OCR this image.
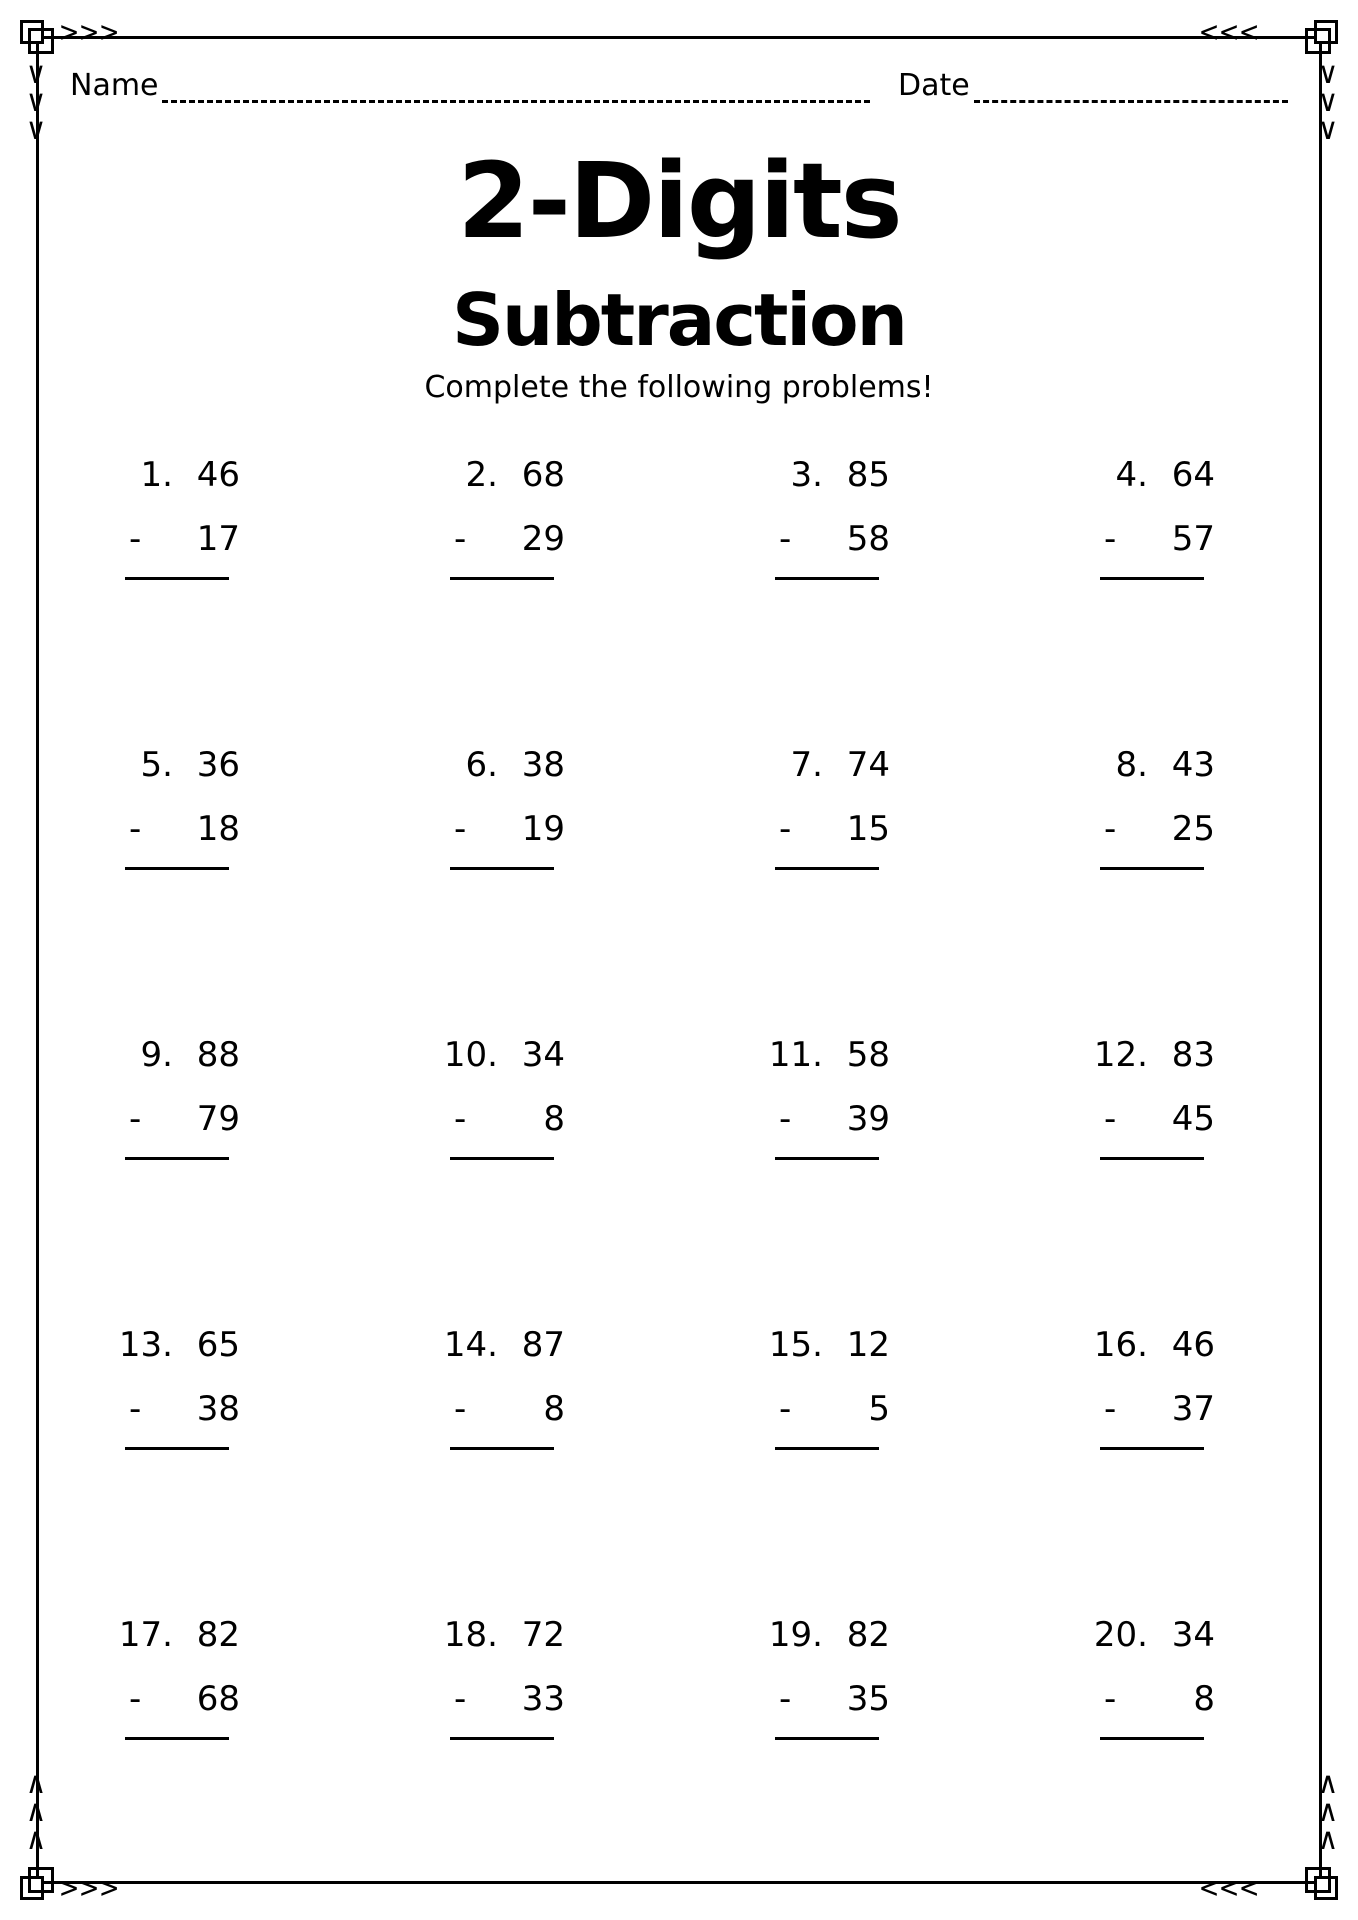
>>>	<<<
>>>	<<<
∨
∨
∨
∨
∨
∨
∧
∧
∧
∧
∧
∧
Name	Date
2-Digits
Subtraction
Complete the following problems!
1. 46
-	17
2. 68
-	29
3. 85
-	58
4. 64
-	57
5. 36
-	18
6. 38
-	19
7. 74
-	15
8. 43
-	25
9. 88
-	79
10. 34
-	8
11. 58
-	39
12. 83
-	45
13. 65
-	38
14. 87
-	8
15. 12
-	5
16. 46
-	37
17. 82
-	68
18. 72
-	33
19. 82
-	35
20. 34
-	8
